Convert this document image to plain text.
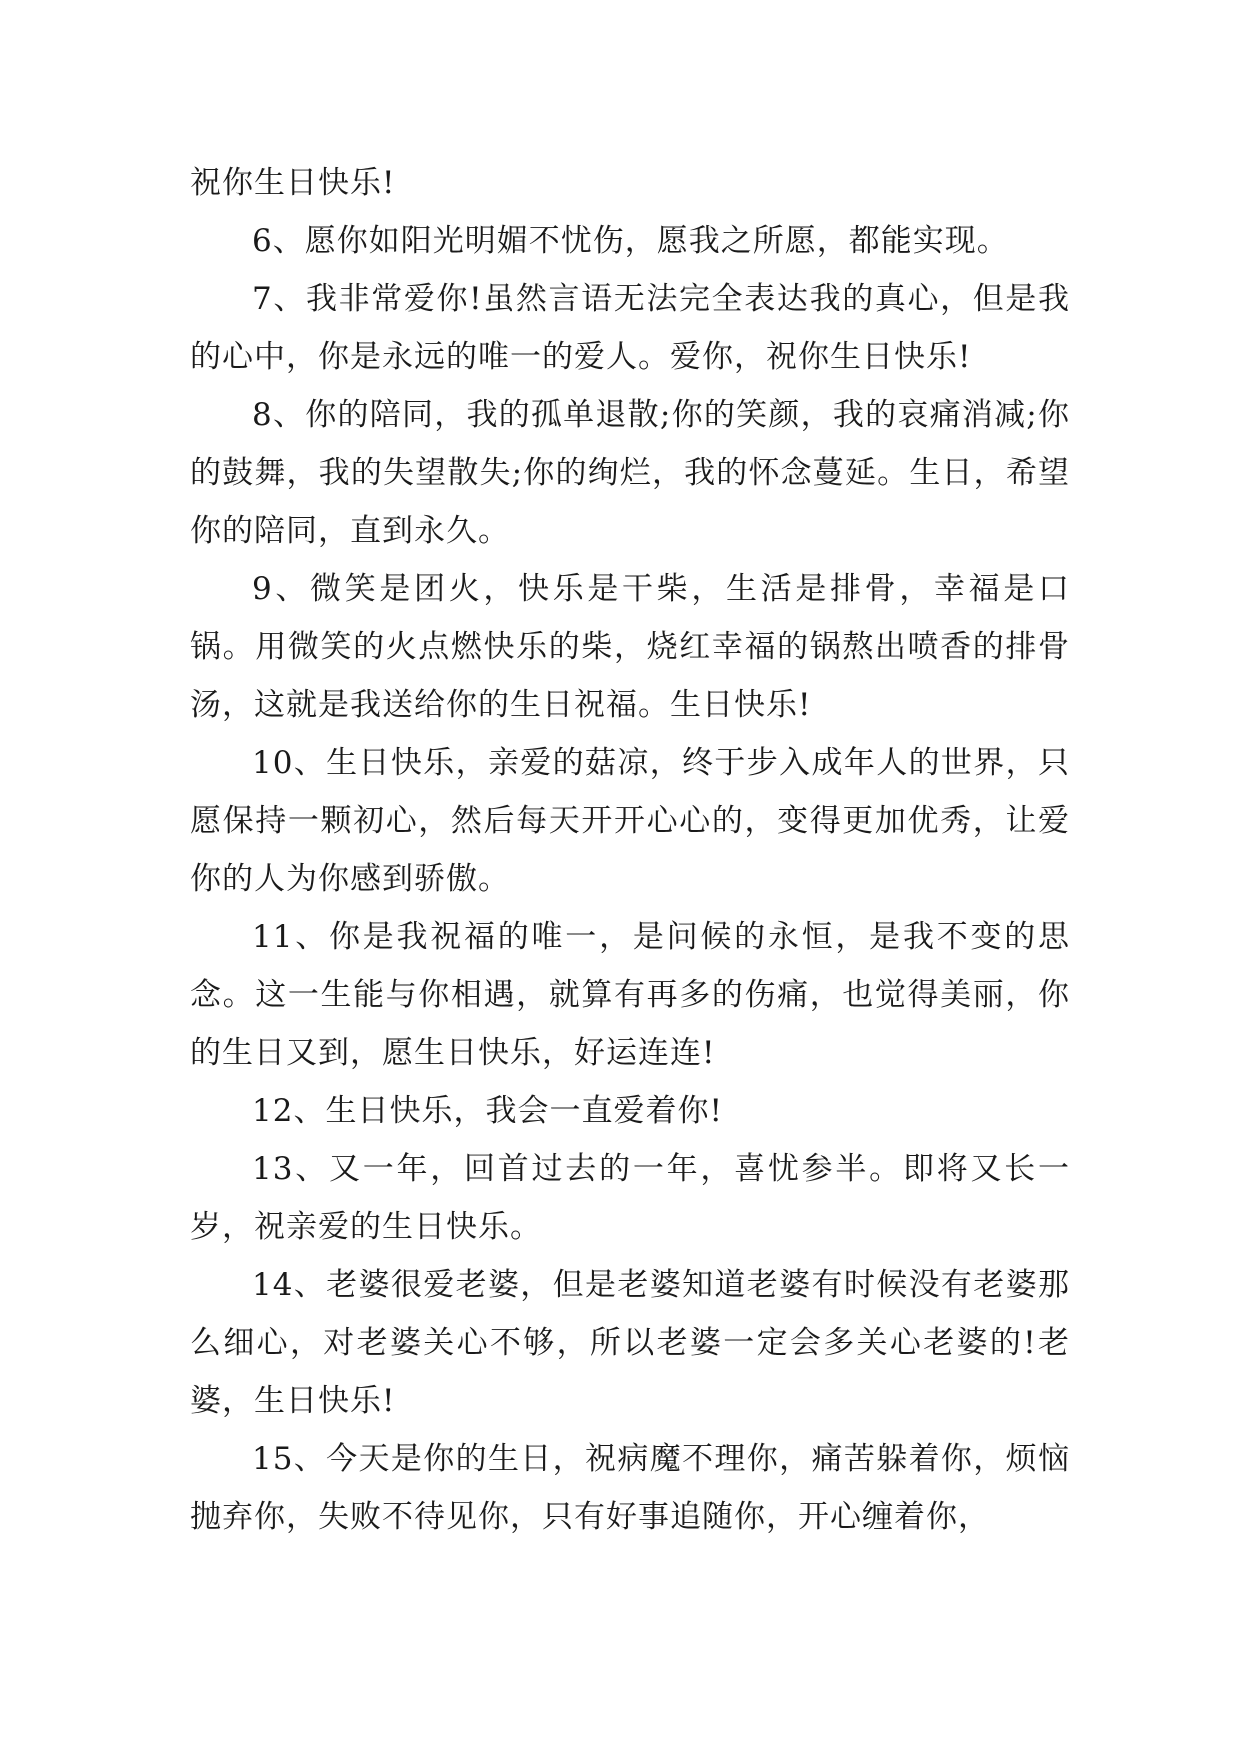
祝你生日快乐!

6、愿你如阳光明媚不忧伤，愿我之所愿，都能实现。

7、我非常爱你!虽然言语无法完全表达我的真心，但是我的心中，你是永远的唯一的爱人。爱你，祝你生日快乐!

8、你的陪同，我的孤单退散;你的笑颜，我的哀痛消减;你的鼓舞，我的失望散失;你的绚烂，我的怀念蔓延。生日，希望你的陪同，直到永久。

9、微笑是团火，快乐是干柴，生活是排骨，幸福是口锅。用微笑的火点燃快乐的柴，烧红幸福的锅熬出喷香的排骨汤，这就是我送给你的生日祝福。生日快乐!

10、生日快乐，亲爱的菇凉，终于步入成年人的世界，只愿保持一颗初心，然后每天开开心心的，变得更加优秀，让爱你的人为你感到骄傲。

11、你是我祝福的唯一，是问候的永恒，是我不变的思念。这一生能与你相遇，就算有再多的伤痛，也觉得美丽，你的生日又到，愿生日快乐，好运连连!

12、生日快乐，我会一直爱着你!

13、又一年，回首过去的一年，喜忧参半。即将又长一岁，祝亲爱的生日快乐。

14、老婆很爱老婆，但是老婆知道老婆有时候没有老婆那么细心，对老婆关心不够，所以老婆一定会多关心老婆的!老婆，生日快乐!

15、今天是你的生日，祝病魔不理你，痛苦躲着你，烦恼抛弃你，失败不待见你，只有好事追随你，开心缠着你，
